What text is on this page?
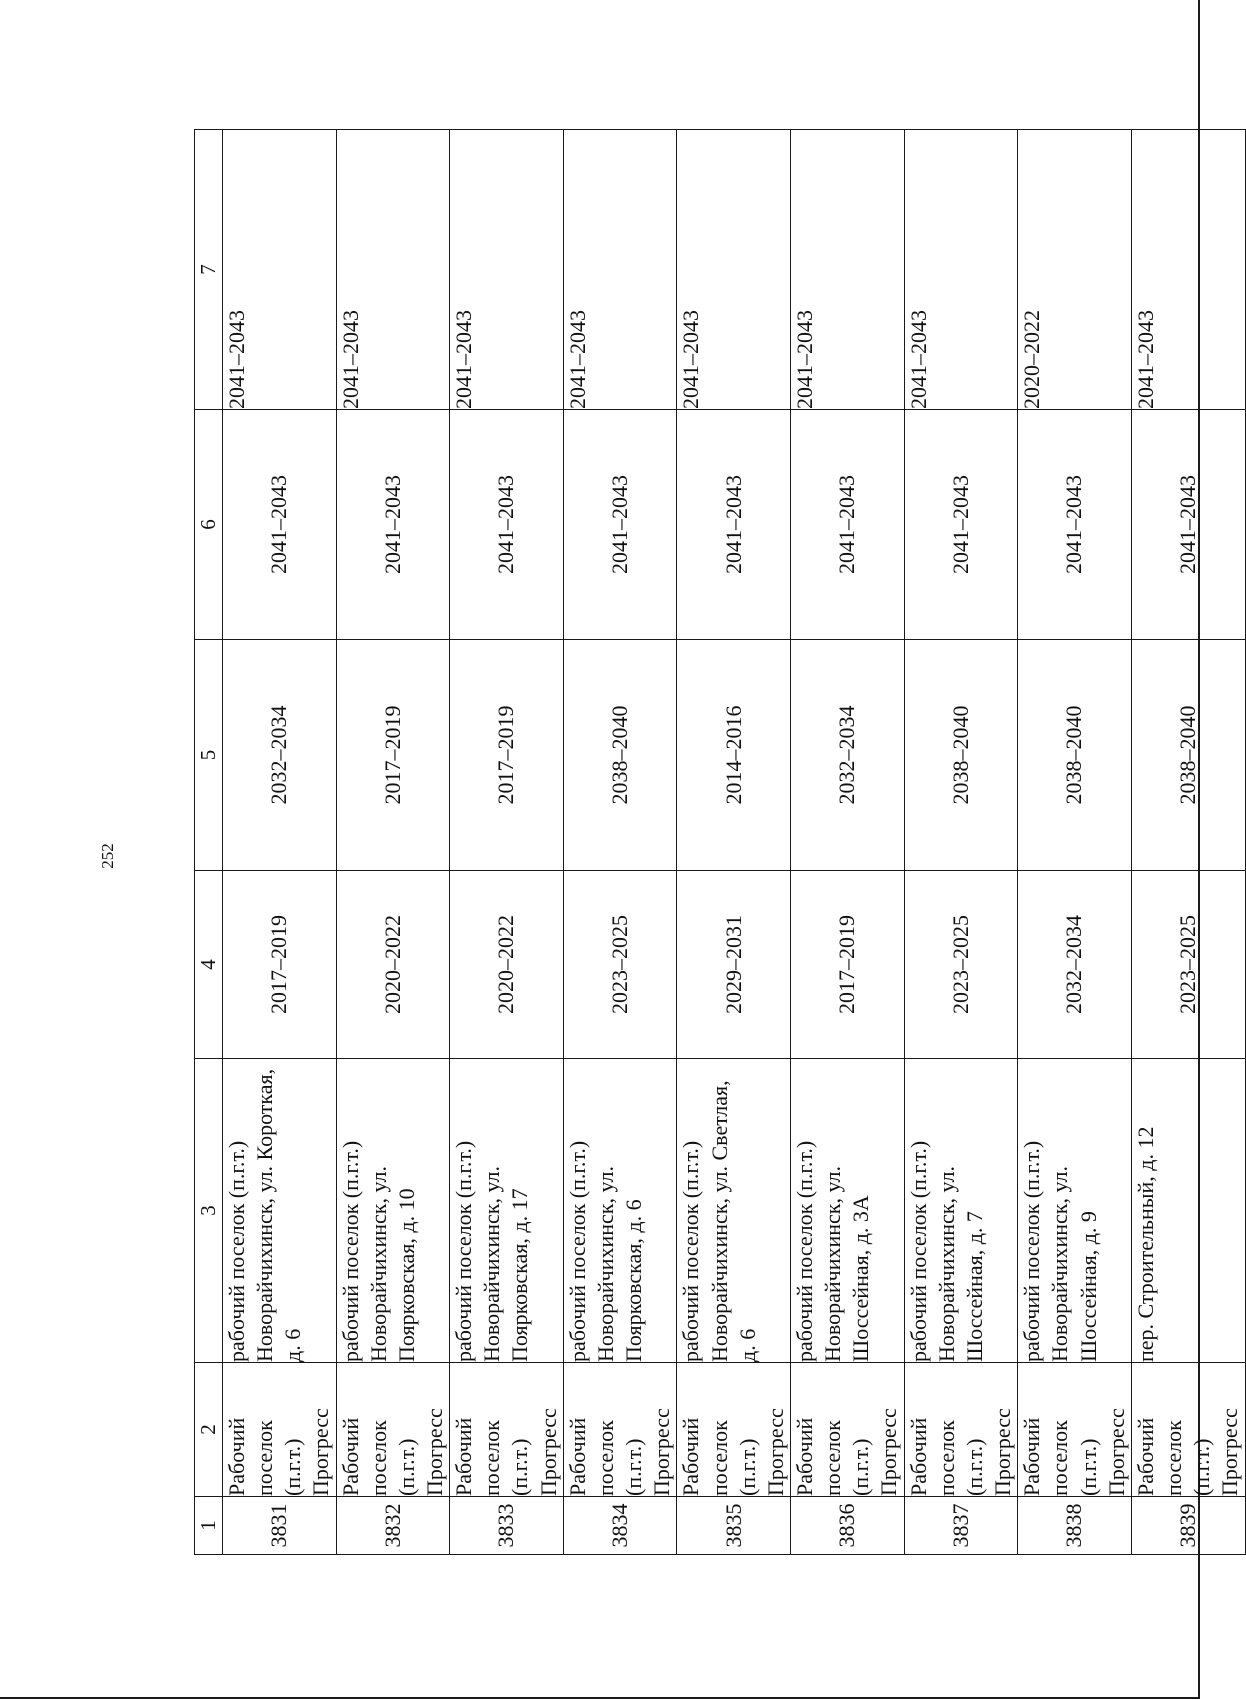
252
1	2	3	4	5	6	7
3831	Рабочий поселок (п.г.т.) Прогресс	рабочий поселок (п.г.т.) Новорайчихинск, ул. Короткая, д. 6	2017–2019	2032–2034	2041–2043	2041–2043
3832	Рабочий поселок (п.г.т.) Прогресс	рабочий поселок (п.г.т.) Новорайчихинск, ул. Поярковская, д. 10	2020–2022	2017–2019	2041–2043	2041–2043
3833	Рабочий поселок (п.г.т.) Прогресс	рабочий поселок (п.г.т.) Новорайчихинск, ул. Поярковская, д. 17	2020–2022	2017–2019	2041–2043	2041–2043
3834	Рабочий поселок (п.г.т.) Прогресс	рабочий поселок (п.г.т.) Новорайчихинск, ул. Поярковская, д. 6	2023–2025	2038–2040	2041–2043	2041–2043
3835	Рабочий поселок (п.г.т.) Прогресс	рабочий поселок (п.г.т.) Новорайчихинск, ул. Светлая, д. 6	2029–2031	2014–2016	2041–2043	2041–2043
3836	Рабочий поселок (п.г.т.) Прогресс	рабочий поселок (п.г.т.) Новорайчихинск, ул. Шоссейная, д. 3А	2017–2019	2032–2034	2041–2043	2041–2043
3837	Рабочий поселок (п.г.т.) Прогресс	рабочий поселок (п.г.т.) Новорайчихинск, ул. Шоссейная, д. 7	2023–2025	2038–2040	2041–2043	2041–2043
3838	Рабочий поселок (п.г.т.) Прогресс	рабочий поселок (п.г.т.) Новорайчихинск, ул. Шоссейная, д. 9	2032–2034	2038–2040	2041–2043	2020–2022
3839	Рабочий поселок (п.г.т.) Прогресс	пер. Строительный, д. 12	2023–2025	2038–2040	2041–2043	2041–2043
